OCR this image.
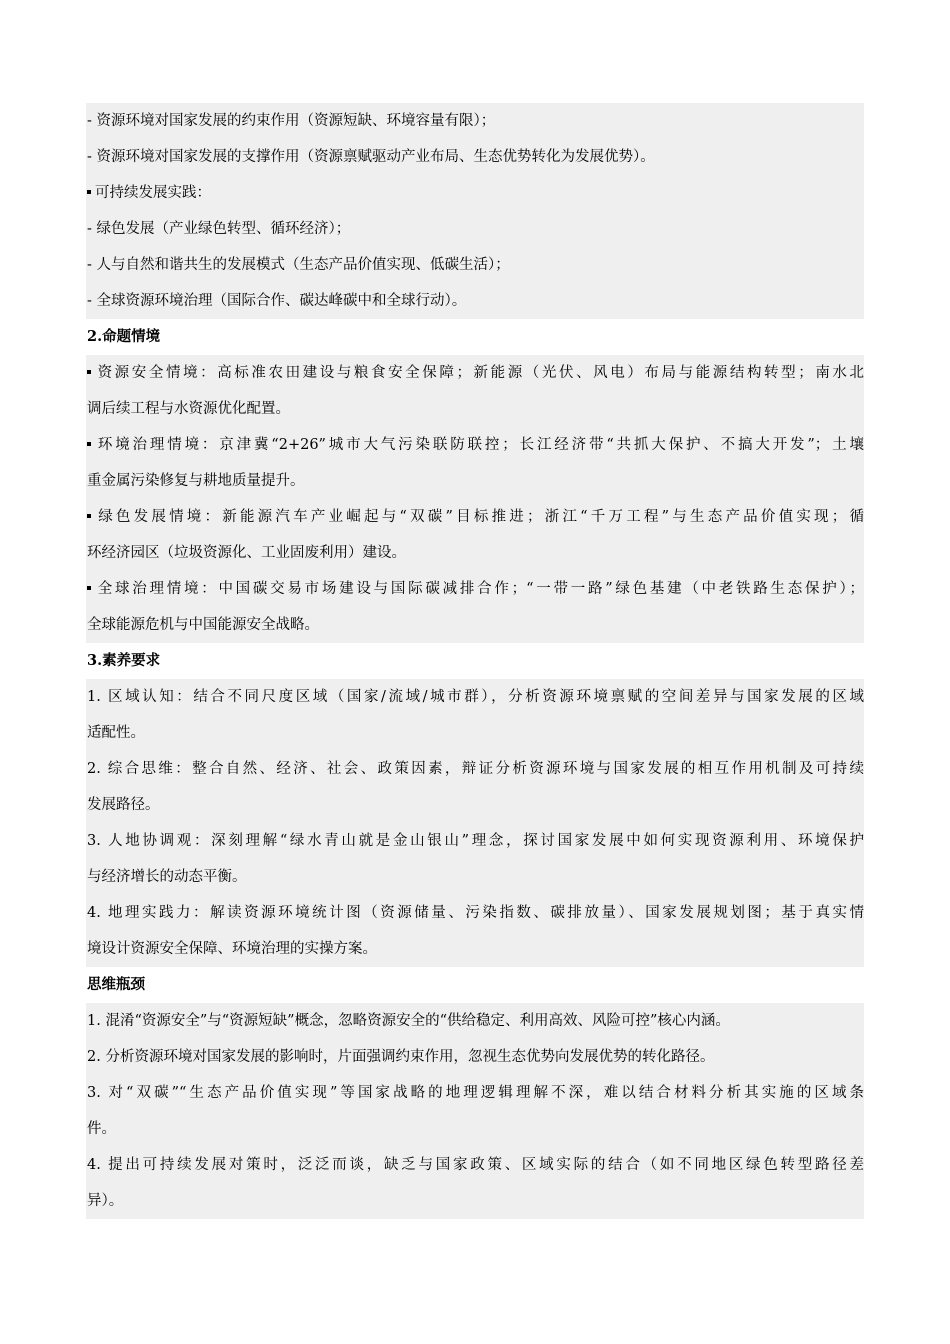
- 资源环境对国家发展的约束作用（资源短缺、环境容量有限）；
- 资源环境对国家发展的支撑作用（资源禀赋驱动产业布局、生态优势转化为发展优势）。
可持续发展实践：
- 绿色发展（产业绿色转型、循环经济）；
- 人与自然和谐共生的发展模式（生态产品价值实现、低碳生活）；
- 全球资源环境治理（国际合作、碳达峰碳中和全球行动）。
2.命题情境
资源安全情境：高标准农田建设与粮食安全保障；新能源（光伏、风电）布局与能源结构转型；南水北
调后续工程与水资源优化配置。
环境治理情境：京津冀“2+26”城市大气污染联防联控；长江经济带“共抓大保护、不搞大开发”；土壤
重金属污染修复与耕地质量提升。
绿色发展情境：新能源汽车产业崛起与“双碳”目标推进；浙江“千万工程”与生态产品价值实现；循
环经济园区（垃圾资源化、工业固废利用）建设。
全球治理情境：中国碳交易市场建设与国际碳减排合作；“一带一路”绿色基建（中老铁路生态保护）；
全球能源危机与中国能源安全战略。
3.素养要求
1. 区域认知：结合不同尺度区域（国家/流域/城市群），分析资源环境禀赋的空间差异与国家发展的区域
适配性。
2. 综合思维：整合自然、经济、社会、政策因素，辩证分析资源环境与国家发展的相互作用机制及可持续
发展路径。
3. 人地协调观：深刻理解“绿水青山就是金山银山”理念，探讨国家发展中如何实现资源利用、环境保护
与经济增长的动态平衡。
4. 地理实践力：解读资源环境统计图（资源储量、污染指数、碳排放量）、国家发展规划图；基于真实情
境设计资源安全保障、环境治理的实操方案。
思维瓶颈
1. 混淆“资源安全”与“资源短缺”概念，忽略资源安全的“供给稳定、利用高效、风险可控”核心内涵。
2. 分析资源环境对国家发展的影响时，片面强调约束作用，忽视生态优势向发展优势的转化路径。
3. 对“双碳”“生态产品价值实现”等国家战略的地理逻辑理解不深，难以结合材料分析其实施的区域条
件。
4. 提出可持续发展对策时，泛泛而谈，缺乏与国家政策、区域实际的结合（如不同地区绿色转型路径差
异）。
